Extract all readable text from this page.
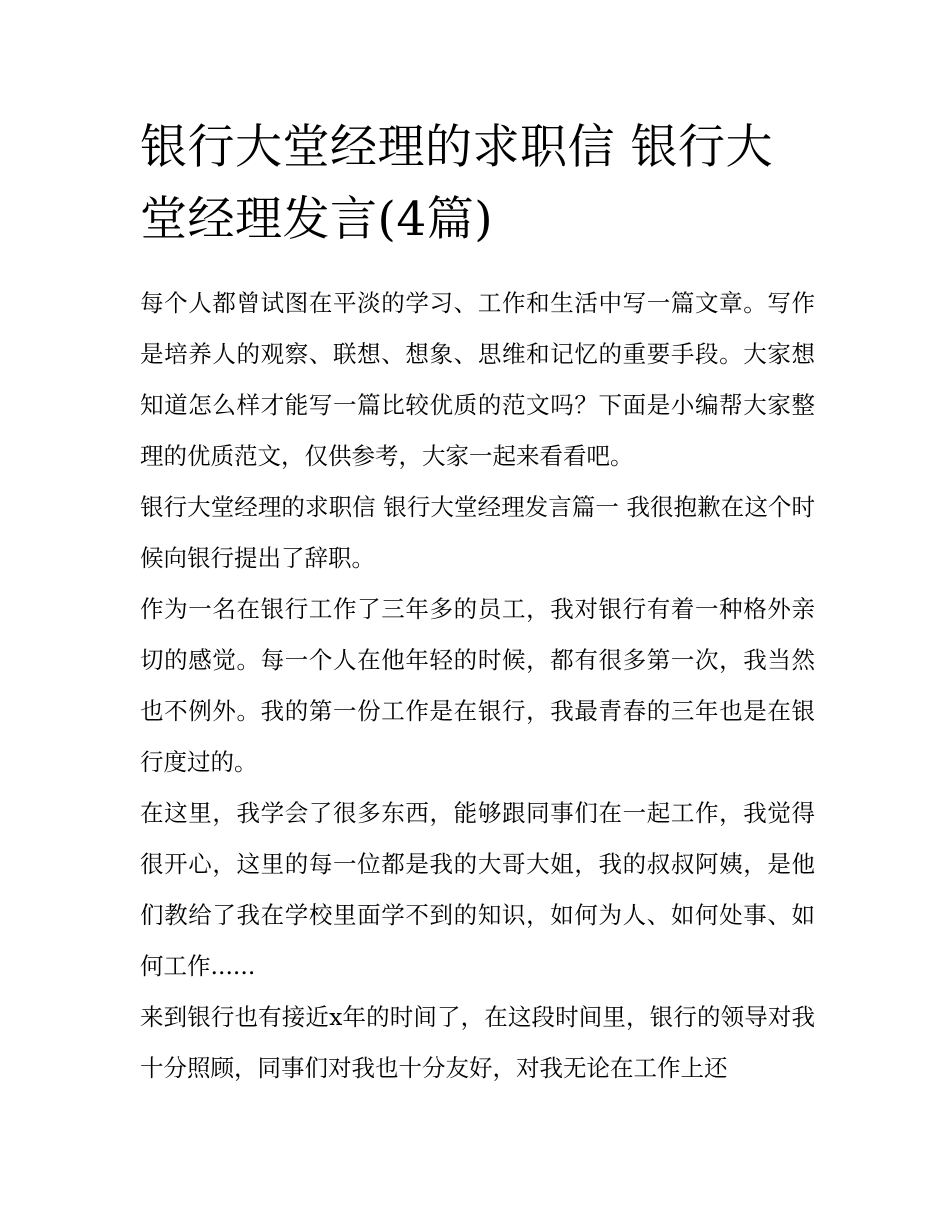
银行大堂经理的求职信 银行大堂经理发言(4篇)

每个人都曾试图在平淡的学习、工作和生活中写一篇文章。写作是培养人的观察、联想、想象、思维和记忆的重要手段。大家想知道怎么样才能写一篇比较优质的范文吗？下面是小编帮大家整理的优质范文，仅供参考，大家一起来看看吧。

银行大堂经理的求职信 银行大堂经理发言篇一 我很抱歉在这个时候向银行提出了辞职。

作为一名在银行工作了三年多的员工，我对银行有着一种格外亲切的感觉。每一个人在他年轻的时候，都有很多第一次，我当然也不例外。我的第一份工作是在银行，我最青春的三年也是在银行度过的。

在这里，我学会了很多东西，能够跟同事们在一起工作，我觉得很开心，这里的每一位都是我的大哥大姐，我的叔叔阿姨，是他们教给了我在学校里面学不到的知识，如何为人、如何处事、如何工作......

来到银行也有接近x年的时间了，在这段时间里，银行的领导对我十分照顾，同事们对我也十分友好，对我无论在工作上还
